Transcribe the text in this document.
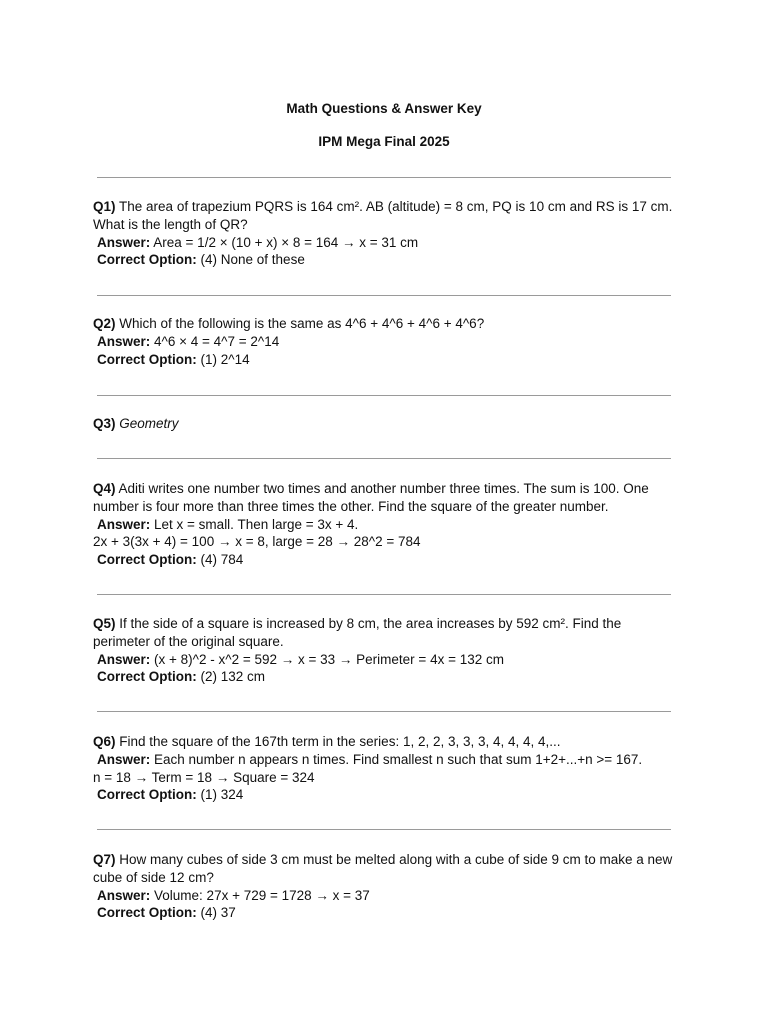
Math Questions & Answer Key
IPM Mega Final 2025

Q1) The area of trapezium PQRS is 164 cm². AB (altitude) = 8 cm, PQ is 10 cm and RS is 17 cm. What is the length of QR?

Answer: Area = 1/2 × (10 + x) × 8 = 164 → x = 31 cm

Correct Option: (4) None of these

Q2) Which of the following is the same as 4^6 + 4^6 + 4^6 + 4^6?

Answer: 4^6 × 4 = 4^7 = 2^14

Correct Option: (1) 2^14

Q3) Geometry

Q4) Aditi writes one number two times and another number three times. The sum is 100. One number is four more than three times the other. Find the square of the greater number.

Answer: Let x = small. Then large = 3x + 4.

2x + 3(3x + 4) = 100 → x = 8, large = 28 → 28^2 = 784

Correct Option: (4) 784

Q5) If the side of a square is increased by 8 cm, the area increases by 592 cm². Find the perimeter of the original square.

Answer: (x + 8)^2 - x^2 = 592 → x = 33 → Perimeter = 4x = 132 cm

Correct Option: (2) 132 cm

Q6) Find the square of the 167th term in the series: 1, 2, 2, 3, 3, 3, 4, 4, 4, 4,...

Answer: Each number n appears n times. Find smallest n such that sum 1+2+...+n >= 167.

n = 18 → Term = 18 → Square = 324

Correct Option: (1) 324

Q7) How many cubes of side 3 cm must be melted along with a cube of side 9 cm to make a new cube of side 12 cm?

Answer: Volume: 27x + 729 = 1728 → x = 37

Correct Option: (4) 37
